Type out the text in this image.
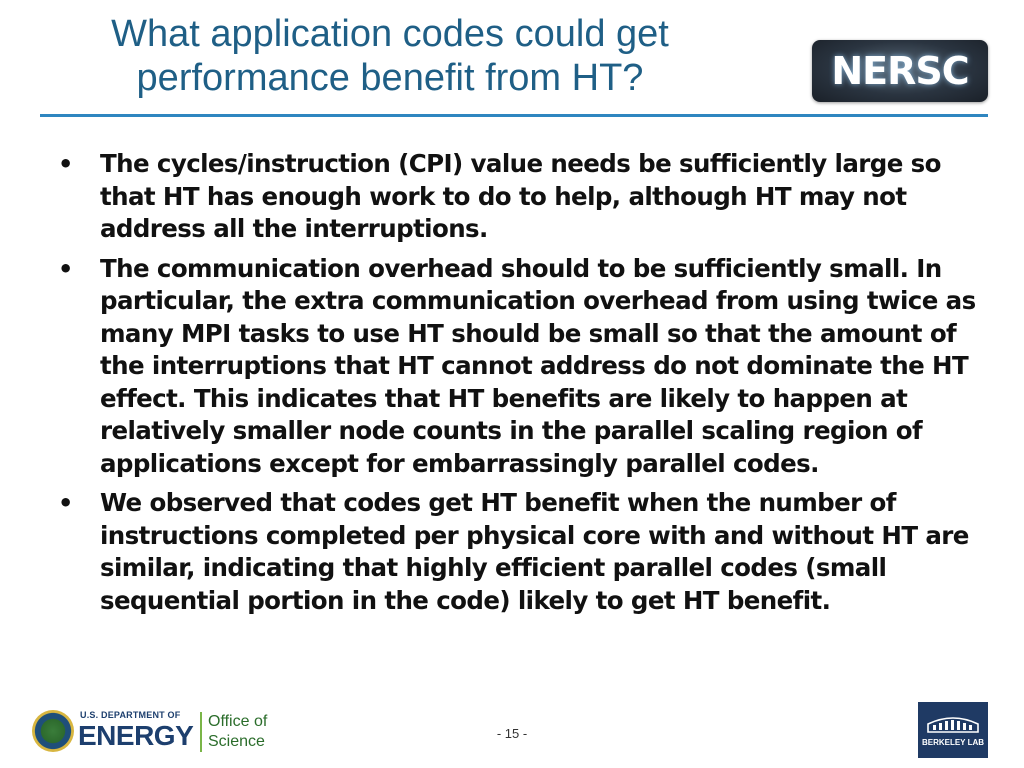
What application codes could get
performance benefit from HT?	NERSC
• The cycles/instruction (CPI) value needs be sufficiently large so that HT has enough work to do to help, although HT may not address all the interruptions.
• The communication overhead should to be sufficiently small. In particular, the extra communication overhead from using twice as many MPI tasks to use HT should be small so that the amount of the interruptions that HT cannot address do not dominate the HT effect. This indicates that HT benefits are likely to happen at relatively smaller node counts in the parallel scaling region of applications except for embarrassingly parallel codes.
• We observed that codes get HT benefit when the number of instructions completed per physical core with and without HT are similar, indicating that highly efficient parallel codes (small sequential portion in the code) likely to get HT benefit.
U.S. DEPARTMENT OF
ENERGY Office of
Science	- 15 -
BERKELEY LAB
